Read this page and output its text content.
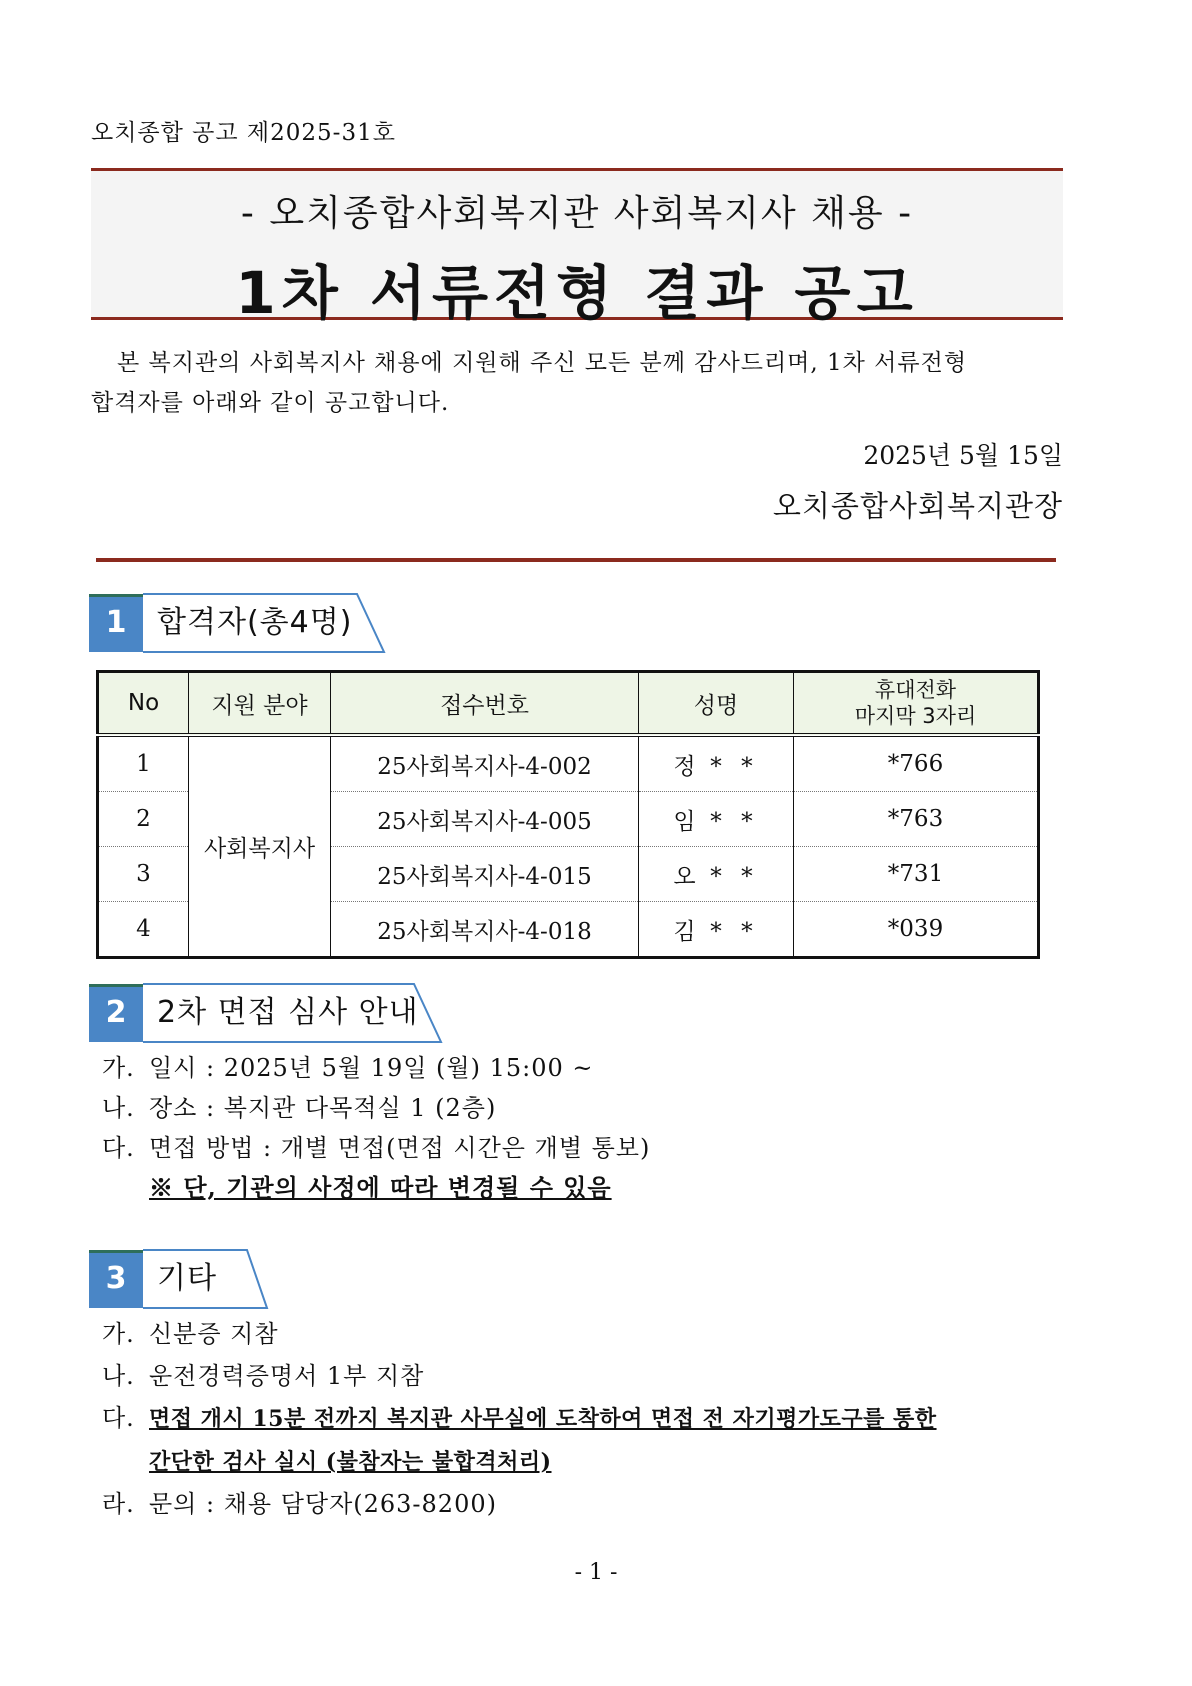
오치종합 공고 제2025-31호
- 오치종합사회복지관 사회복지사 채용 -
1차 서류전형 결과 공고
본 복지관의 사회복지사 채용에 지원해 주신 모든 분께 감사드리며, 1차 서류전형
합격자를 아래와 같이 공고합니다.
2025년 5월 15일
오치종합사회복지관장
1	합격자(총4명)
No	지원 분야	접수번호	성명	휴대전화
마지막 3자리

1	사회복지사	25사회복지사-4-002	정 * *	*766
2		25사회복지사-4-005	임 * *	*763
3		25사회복지사-4-015	오 * *	*731
4		25사회복지사-4-018	김 * *	*039
2	2차 면접 심사 안내
가. 일시 : 2025년 5월 19일 (월) 15:00 ~
나. 장소 : 복지관 다목적실 1 (2층)
다. 면접 방법 : 개별 면접(면접 시간은 개별 통보)
※ 단, 기관의 사정에 따라 변경될 수 있음
3	기타
가. 신분증 지참
나. 운전경력증명서 1부 지참
다. 면접 개시 15분 전까지 복지관 사무실에 도착하여 면접 전 자기평가도구를 통한
간단한 검사 실시 (불참자는 불합격처리)
라. 문의 : 채용 담당자(263-8200)
- 1 -
